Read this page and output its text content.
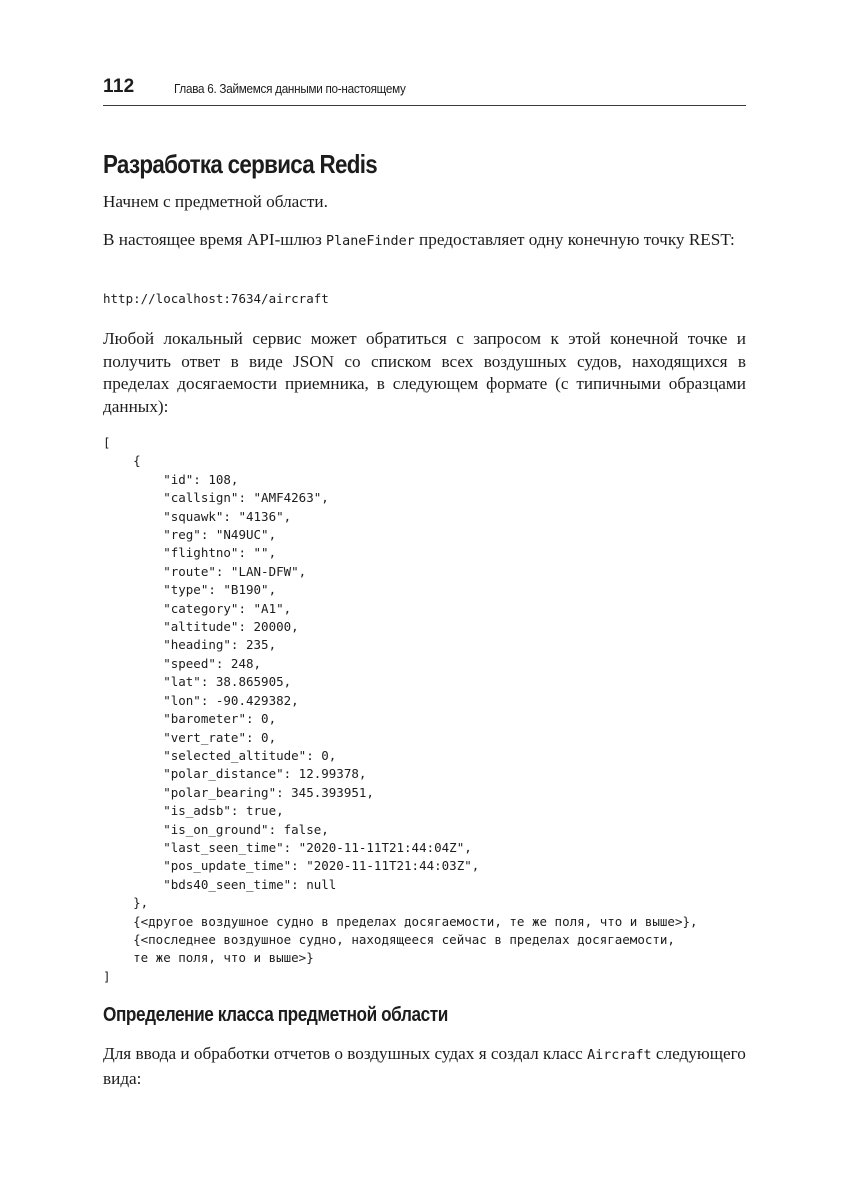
112	Глава 6. Займемся данными по-настоящему
Разработка сервиса Redis

Начнем с предметной области.

В настоящее время API-шлюз PlaneFinder предоставляет одну конечную точку REST:

http://localhost:7634/aircraft

Любой локальный сервис может обратиться с запросом к этой конечной точке и получить ответ в виде JSON со списком всех воздушных судов, находящихся в пределах досягаемости приемника, в следующем формате (с типичными образцами данных):

[
{
"id": 108,
"callsign": "AMF4263",
"squawk": "4136",
"reg": "N49UC",
"flightno": "",
"route": "LAN-DFW",
"type": "B190",
"category": "A1",
"altitude": 20000,
"heading": 235,
"speed": 248,
"lat": 38.865905,
"lon": -90.429382,
"barometer": 0,
"vert_rate": 0,
"selected_altitude": 0,
"polar_distance": 12.99378,
"polar_bearing": 345.393951,
"is_adsb": true,
"is_on_ground": false,
"last_seen_time": "2020-11-11T21:44:04Z",
"pos_update_time": "2020-11-11T21:44:03Z",
"bds40_seen_time": null
},
{<другое воздушное судно в пределах досягаемости, те же поля, что и выше>},
{<последнее воздушное судно, находящееся сейчас в пределах досягаемости,
те же поля, что и выше>}
]
Определение класса предметной области

Для ввода и обработки отчетов о воздушных судах я создал класс Aircraft следующего вида:
